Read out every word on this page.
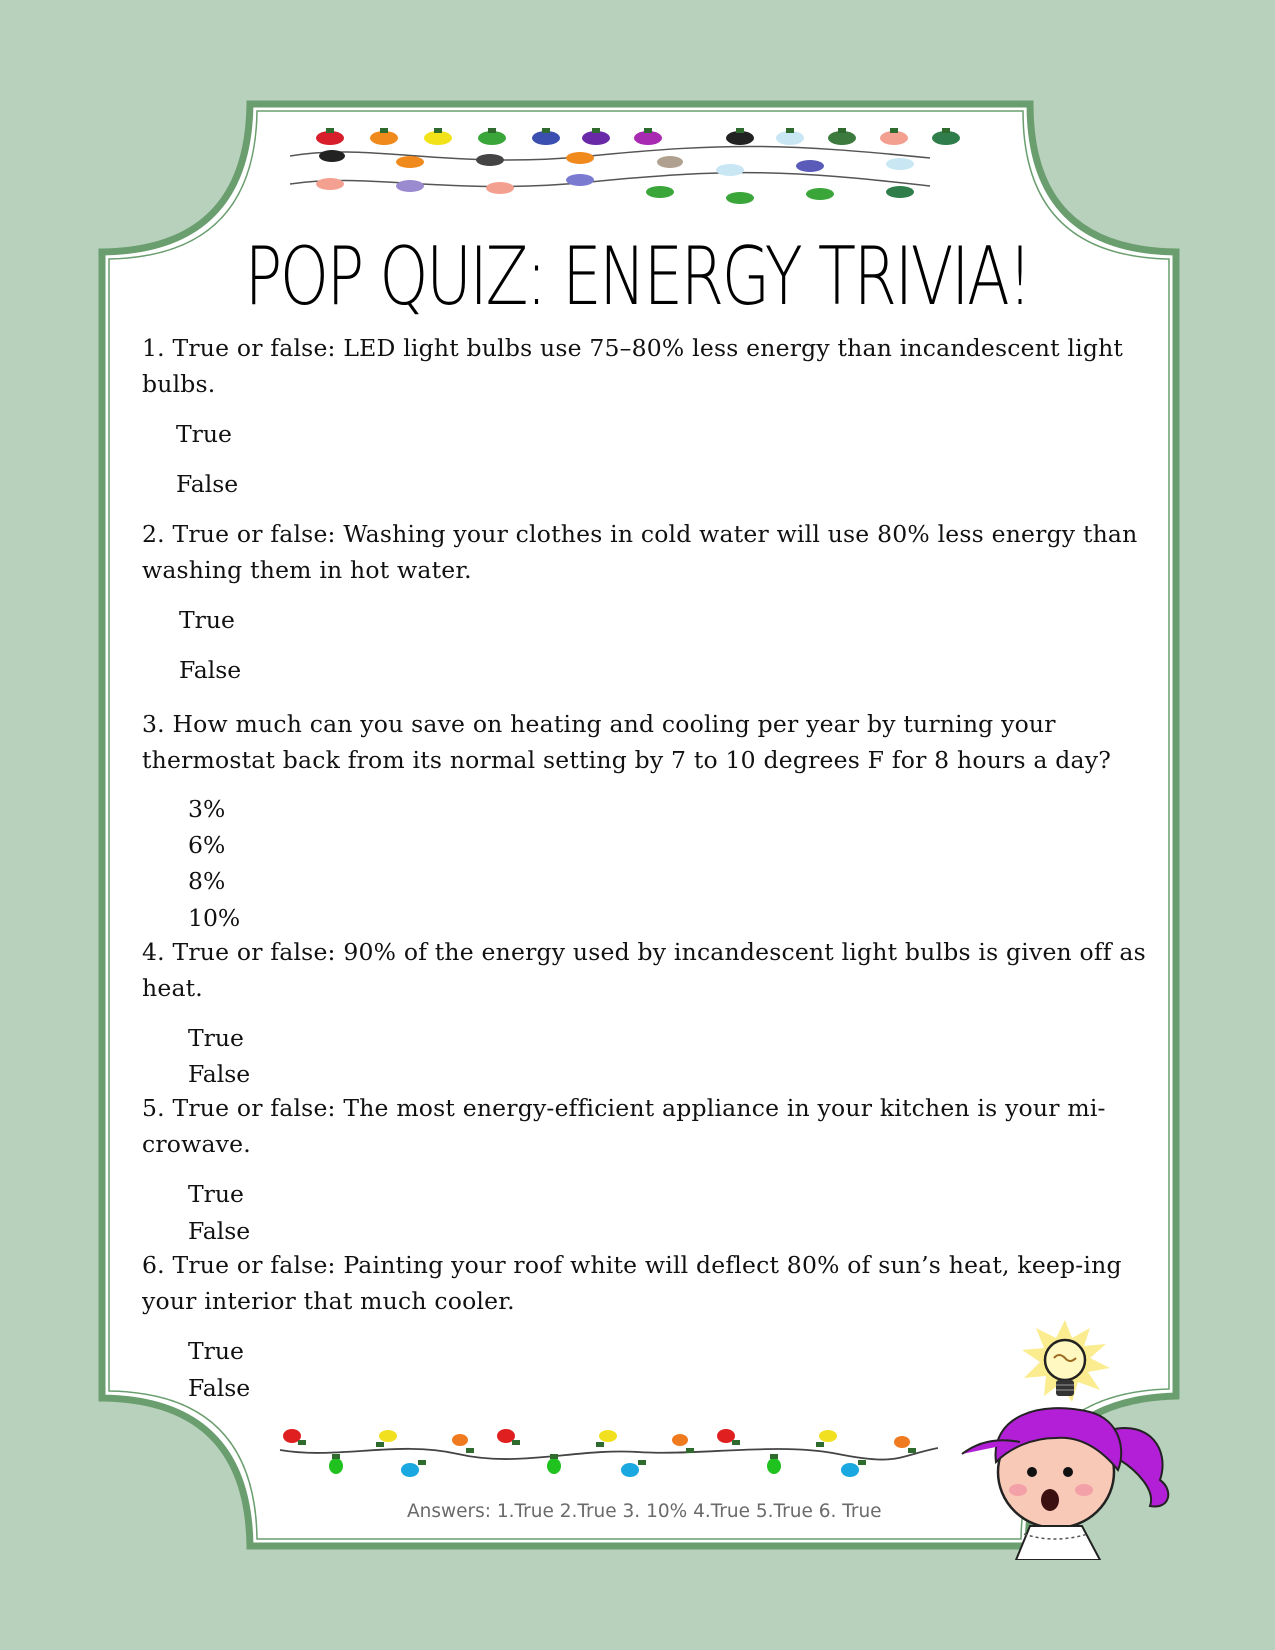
POP QUIZ: ENERGY TRIVIA!
1. True or false: LED light bulbs use 75–80% less energy than incandescent light bulbs.
True
False
2. True or false: Washing your clothes in cold water will use 80% less energy than washing them in hot water.
True
False
3. How much can you save on heating and cooling per year by turning your thermostat back from its normal setting by 7 to 10 degrees F for 8 hours a day?
3%
6%
8%
10%
4. True or false: 90% of the energy used by incandescent light bulbs is given off as heat.
True
False
5. True or false: The most energy-efficient appliance in your kitchen is your mi-crowave.
True
False
6. True or false: Painting your roof white will deflect 80% of sun’s heat, keep-ing your interior that much cooler.
True
False
Answers: 1.True 2.True 3. 10% 4.True 5.True 6. True
